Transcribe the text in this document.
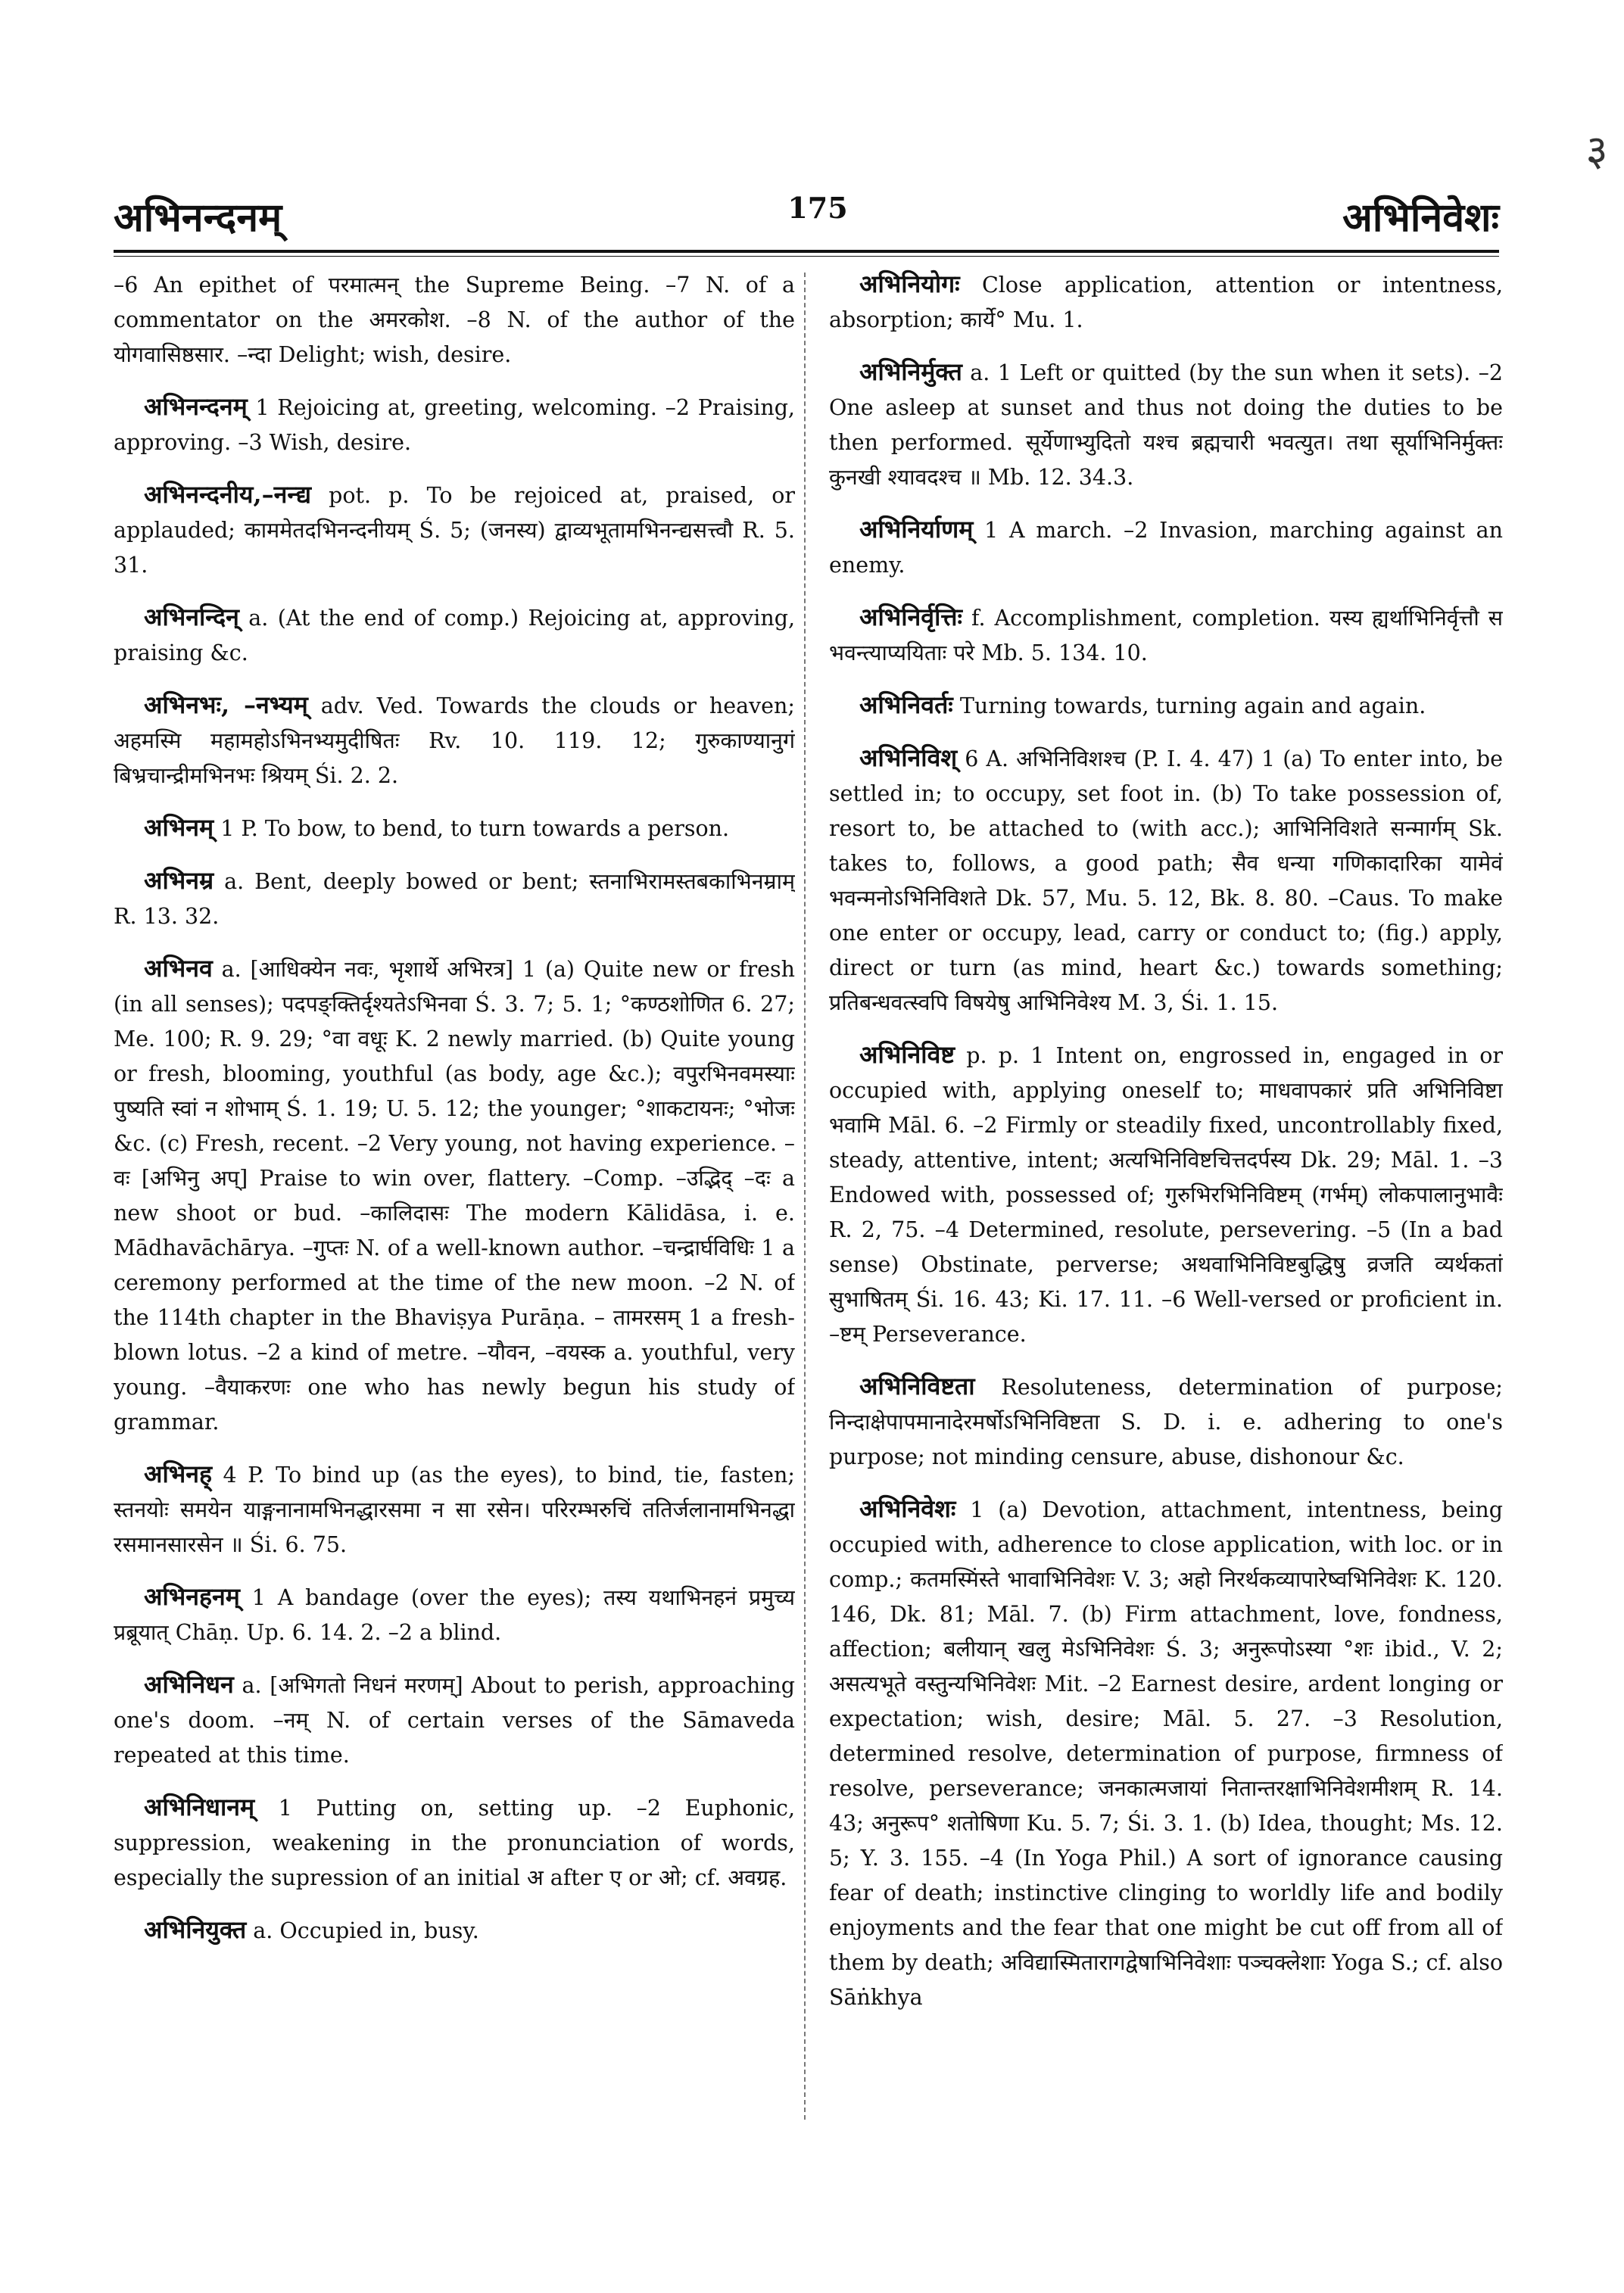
३
अभिनन्दनम्	175	अभिनिवेशः

–6 An epithet of परमात्मन् the Supreme Being. –7 N. of a commentator on the अमरकोश. –8 N. of the author of the योगवासिष्ठसार. –न्दा Delight; wish, desire.

अभिनन्दनम् 1 Rejoicing at, greeting, welcoming. –2 Praising, approving. –3 Wish, desire.

अभिनन्दनीय,–नन्द्य pot. p. To be rejoiced at, praised, or applauded; काममेतदभिनन्दनीयम् Ś. 5; (जनस्य) द्वाव्यभूतामभिनन्द्यसत्त्वौ R. 5. 31.

अभिनन्दिन् a. (At the end of comp.) Rejoicing at, approving, praising &c.

अभिनभः, –नभ्यम् adv. Ved. Towards the clouds or heaven; अहमस्मि महामहोऽभिनभ्यमुदीषितः Rv. 10. 119. 12; गुरुकाण्यानुगं बिभ्रचान्द्रीमभिनभः श्रियम् Śi. 2. 2.

अभिनम् 1 P. To bow, to bend, to turn towards a person.

अभिनम्र a. Bent, deeply bowed or bent; स्तनाभिरामस्तबकाभिनम्राम् R. 13. 32.

अभिनव a. [आधिक्येन नवः, भृशार्थे अभिरत्र] 1 (a) Quite new or fresh (in all senses); पदपङ्क्तिर्दृश्यतेऽभिनवा Ś. 3. 7; 5. 1; °कण्ठशोणित 6. 27; Me. 100; R. 9. 29; °वा वधूः K. 2 newly married. (b) Quite young or fresh, blooming, youthful (as body, age &c.); वपुरभिनवमस्याः पुष्यति स्वां न शोभाम् Ś. 1. 19; U. 5. 12; the younger; °शाकटायनः; °भोजः &c. (c) Fresh, recent. –2 Very young, not having experience. –वः [अभिनु अप्] Praise to win over, flattery. –Comp. –उद्भिद् –दः a new shoot or bud. –कालिदासः The modern Kālidāsa, i. e. Mādhavāchārya. –गुप्तः N. of a well-known author. –चन्द्रार्घविधिः 1 a ceremony performed at the time of the new moon. –2 N. of the 114th chapter in the Bhaviṣya Purāṇa. – तामरसम् 1 a fresh-blown lotus. –2 a kind of metre. –यौवन, –वयस्क a. youthful, very young. –वैयाकरणः one who has newly begun his study of grammar.

अभिनह् 4 P. To bind up (as the eyes), to bind, tie, fasten; स्तनयोः समयेन याङ्गनानामभिनद्धारसमा न सा रसेन। परिरम्भरुचिं ततिर्जलानामभिनद्धा रसमानसारसेन ॥ Śi. 6. 75.

अभिनहनम् 1 A bandage (over the eyes); तस्य यथाभिनहनं प्रमुच्य प्रब्रूयात् Chāṇ. Up. 6. 14. 2. –2 a blind.

अभिनिधन a. [अभिगतो निधनं मरणम्] About to perish, approaching one's doom. –नम् N. of certain verses of the Sāmaveda repeated at this time.

अभिनिधानम् 1 Putting on, setting up. –2 Euphonic, suppression, weakening in the pronunciation of words, especially the supression of an initial अ after ए or ओ; cf. अवग्रह.

अभिनियुक्त a. Occupied in, busy.

अभिनियोगः Close application, attention or intentness, absorption; कार्ये° Mu. 1.

अभिनिर्मुक्त a. 1 Left or quitted (by the sun when it sets). –2 One asleep at sunset and thus not doing the duties to be then performed. सूर्येणाभ्युदितो यश्च ब्रह्मचारी भवत्युत। तथा सूर्याभिनिर्मुक्तः कुनखी श्यावदश्च ॥ Mb. 12. 34.3.

अभिनिर्याणम् 1 A march. –2 Invasion, marching against an enemy.

अभिनिर्वृत्तिः f. Accomplishment, completion. यस्य ह्यर्थाभिनिर्वृत्तौ स भवन्त्याप्ययिताः परे Mb. 5. 134. 10.

अभिनिवर्तः Turning towards, turning again and again.

अभिनिविश् 6 A. अभिनिविशश्च (P. I. 4. 47) 1 (a) To enter into, be settled in; to occupy, set foot in. (b) To take possession of, resort to, be attached to (with acc.); आभिनिविशते सन्मार्गम् Sk. takes to, follows, a good path; सैव धन्या गणिकादारिका यामेवं भवन्मनोऽभिनिविशते Dk. 57, Mu. 5. 12, Bk. 8. 80. –Caus. To make one enter or occupy, lead, carry or conduct to; (fig.) apply, direct or turn (as mind, heart &c.) towards something; प्रतिबन्धवत्स्वपि विषयेषु आभिनिवेश्य M. 3, Śi. 1. 15.

अभिनिविष्ट p. p. 1 Intent on, engrossed in, engaged in or occupied with, applying oneself to; माधवापकारं प्रति अभिनिविष्टा भवामि Māl. 6. –2 Firmly or steadily fixed, uncontrollably fixed, steady, attentive, intent; अत्यभिनिविष्टचित्तदर्पस्य Dk. 29; Māl. 1. –3 Endowed with, possessed of; गुरुभिरभिनिविष्टम् (गर्भम्) लोकपालानुभावैः R. 2, 75. –4 Determined, resolute, persevering. –5 (In a bad sense) Obstinate, perverse; अथवाभिनिविष्टबुद्धिषु व्रजति व्यर्थकतां सुभाषितम् Śi. 16. 43; Ki. 17. 11. –6 Well-versed or proficient in. –ष्टम् Perseverance.

अभिनिविष्टता Resoluteness, determination of purpose; निन्दाक्षेपापमानादेरमर्षोऽभिनिविष्टता S. D. i. e. adhering to one's purpose; not minding censure, abuse, dishonour &c.

अभिनिवेशः 1 (a) Devotion, attachment, intentness, being occupied with, adherence to close application, with loc. or in comp.; कतमस्मिंस्ते भावाभिनिवेशः V. 3; अहो निरर्थकव्यापारेष्वभिनिवेशः K. 120. 146, Dk. 81; Māl. 7. (b) Firm attachment, love, fondness, affection; बलीयान् खलु मेऽभिनिवेशः Ś. 3; अनुरूपोऽस्या °शः ibid., V. 2; असत्यभूते वस्तुन्यभिनिवेशः Mit. –2 Earnest desire, ardent longing or expectation; wish, desire; Māl. 5. 27. –3 Resolution, determined resolve, determination of purpose, firmness of resolve, perseverance; जनकात्मजायां नितान्तरक्षाभिनिवेशमीशम् R. 14. 43; अनुरूप° शतोषिणा Ku. 5. 7; Śi. 3. 1. (b) Idea, thought; Ms. 12. 5; Y. 3. 155. –4 (In Yoga Phil.) A sort of ignorance causing fear of death; instinctive clinging to worldly life and bodily enjoyments and the fear that one might be cut off from all of them by death; अविद्यास्मितारागद्वेषाभिनिवेशाः पञ्चक्लेशाः Yoga S.; cf. also Sāṅkhya
